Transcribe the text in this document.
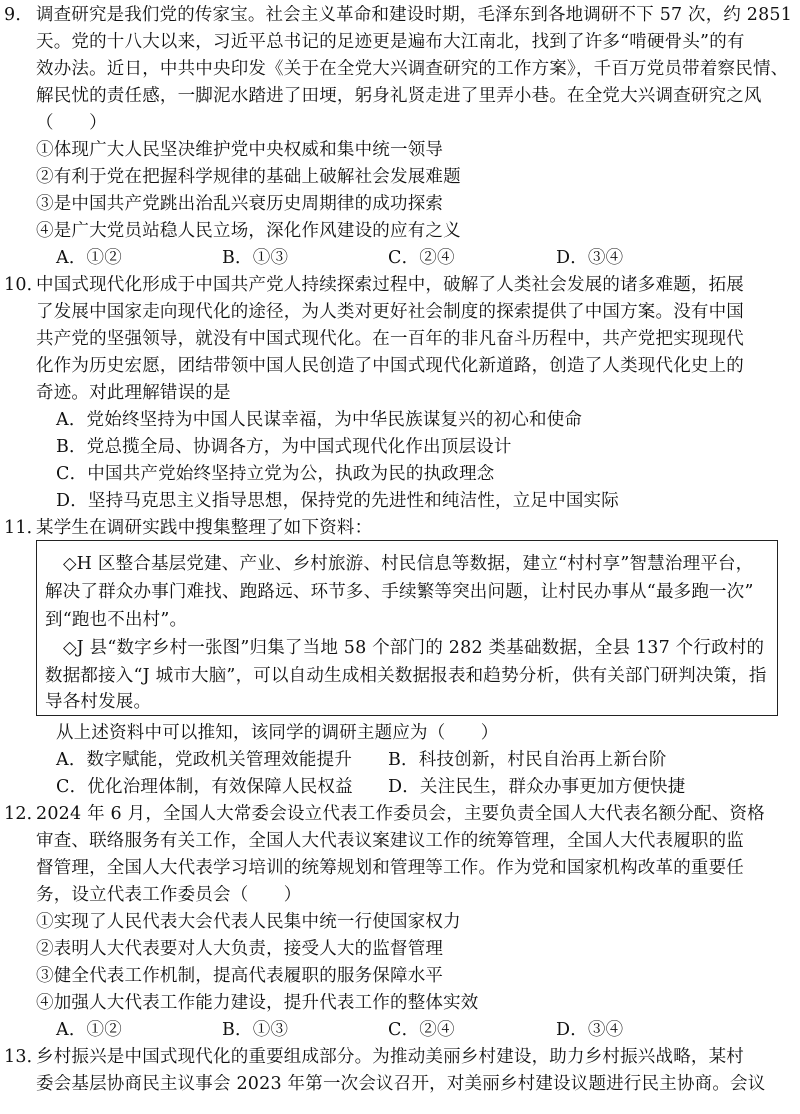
9． 调查研究是我们党的传家宝。社会主义革命和建设时期，毛泽东到各地调研不下 57 次，约 2851
天。党的十八大以来，习近平总书记的足迹更是遍布大江南北，找到了许多“啃硬骨头”的有
效办法。近日，中共中央印发《关于在全党大兴调查研究的工作方案》，千百万党员带着察民情、
解民忧的责任感，一脚泥水踏进了田埂，躬身礼贤走进了里弄小巷。在全党大兴调查研究之风
（　　）
①体现广大人民坚决维护党中央权威和集中统一领导
②有利于党在把握科学规律的基础上破解社会发展难题
③是中国共产党跳出治乱兴衰历史周期律的成功探索
④是广大党员站稳人民立场，深化作风建设的应有之义
A．①②	B．①③	C．②④	D．③④
10．
中国式现代化形成于中国共产党人持续探索过程中，破解了人类社会发展的诸多难题，拓展
了发展中国家走向现代化的途径，为人类对更好社会制度的探索提供了中国方案。没有中国
共产党的坚强领导，就没有中国式现代化。在一百年的非凡奋斗历程中，共产党把实现现代
化作为历史宏愿，团结带领中国人民创造了中国式现代化新道路，创造了人类现代化史上的
奇迹。对此理解错误的是
A．党始终坚持为中国人民谋幸福，为中华民族谋复兴的初心和使命
B．党总揽全局、协调各方，为中国式现代化作出顶层设计
C．中国共产党始终坚持立党为公，执政为民的执政理念
D．坚持马克思主义指导思想，保持党的先进性和纯洁性，立足中国实际
11．
某学生在调研实践中搜集整理了如下资料：
◇H 区整合基层党建、产业、乡村旅游、村民信息等数据，建立“村村享”智慧治理平台，
解决了群众办事门难找、跑路远、环节多、手续繁等突出问题，让村民办事从“最多跑一次”
到“跑也不出村”。
◇J 县“数字乡村一张图”归集了当地 58 个部门的 282 类基础数据，全县 137 个行政村的
数据都接入“J 城市大脑”，可以自动生成相关数据报表和趋势分析，供有关部门研判决策，指
导各村发展。
从上述资料中可以推知，该同学的调研主题应为（　　）
A．数字赋能，党政机关管理效能提升 B．科技创新，村民自治再上新台阶
C．优化治理体制，有效保障人民权益 D．关注民生，群众办事更加方便快捷
12．
2024 年 6 月，全国人大常委会设立代表工作委员会，主要负责全国人大代表名额分配、资格
审查、联络服务有关工作，全国人大代表议案建议工作的统筹管理，全国人大代表履职的监
督管理，全国人大代表学习培训的统筹规划和管理等工作。作为党和国家机构改革的重要任
务，设立代表工作委员会（　　）
①实现了人民代表大会代表人民集中统一行使国家权力
②表明人大代表要对人大负责，接受人大的监督管理
③健全代表工作机制，提高代表履职的服务保障水平
④加强人大代表工作能力建设，提升代表工作的整体实效
A．①②	B．①③	C．②④	D．③④
13．
乡村振兴是中国式现代化的重要组成部分。为推动美丽乡村建设，助力乡村振兴战略，某村
委会基层协商民主议事会 2023 年第一次会议召开，对美丽乡村建设议题进行民主协商。会议
